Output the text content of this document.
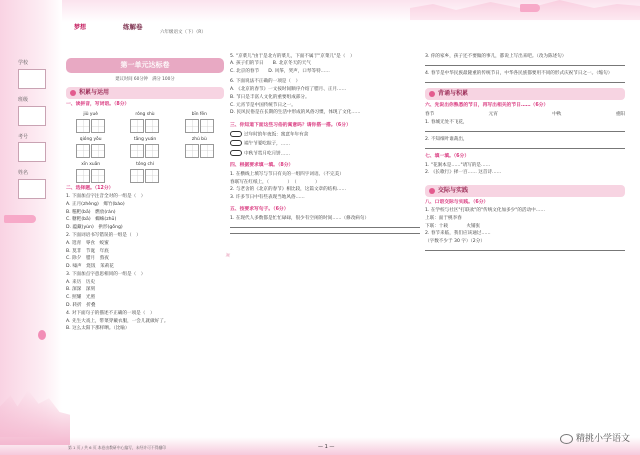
梦想	练解卷
六年级语文（下）（R）
学校
班级
考号
姓名
第一单元达标卷
建议时间 60分钟　满分 100分
积累与运用
一、读拼音，写词语。（8分）
jiǔ yuè	róng shù	bīn fēn
qióng yǒu	tāng yuán	zhú bù
xīn xuān	tóng chí
二、选择题。（12分）
1. 下面加点字注音全对的一组是（　）
A. 正月(zhèng)　爆竹(bào)
B. 糍粑(bā)　燃放(rán)
C. 糖粑(bā)　蜘蛛(zhū)
D. 蕴藏(yùn)　拱形(gǒng)
2. 下面词语书写错误的一组是（　）
A. 逛青　零食　蛟蜜
B. 莫非　节诞　年底
C. 除夕　腊月　熬夜
D. 嗓声　烧饭　茉莉花
3. 下面加点字意思相同的一组是（　）
A. 来历　历史
B. 深深　深刻
C. 照耀　光照
D. 转折　折叠
4. 对下面句子的描述不正确的一项是（　）
A. 先生大戏上，带菜穿戴衣服，一会儿就做好了。
B. 这么太阳下那样晒。（比喻）
5. "京菜儿"由于是北方的菜儿，下面不属于"京菜儿"是（　）
A. 孩子们的节日　　B. 北京冬天的天气
C. 北京的春节　　D. 风筝，哭声，口琴等特……
6. 下面说法不正确的一项是（　）
A. 《北京的春节》一文按时间顺序介绍了腊月、正月……
B. 节日是丰富人文化的重要组成部分。
C. 元宵节是中国传统节日之一。
D. 民风民俗是在长期的生活中形成的风俗习惯，体现了文化……
三、你知道下面这些习俗的寓意吗？请你搭一搭。（6分）
过年时的年夜饭：寓意年年有余
端午节要吃粽子，……
中秋节赏月吃月饼……
四、根据要求填一填。（8分）
1. 在横线上填写与节日有关的一组四字词语。（不完美）
春联写在红纸上，（　　　　）　（　　　　）
2. 与老舍的《北京的春节》相比较，这篇文章的结构……
3. 许多节日中有些表现当地风俗……
五、按要求写句子。（6分）
1. 在现代人多数都是忙忙碌碌，很少有空闲的时间……（修改病句）
✦
3. 你的家乡，孩子还不要做的事儿，都说上写出来吧。（改为陈述句）
4. 春节是中华民族最隆重的传统节日，中华各民族都要用不同的形式庆祝节日之一。（缩句）
背诵与积累
六、先说出你熟悉的节日，再写出相关的节日……（6分）
春节	元宵	中秋	重阳
1. 春城无处不飞花，
2. 不知细叶谁裁出，
七、填一填。（6分）
1. "花涧本是……"请写的是……
2. 《长歌行》择一百…… 这首诗……
交际与实践
八、口语交际与实践。（6分）
1. 在学校与社区"打联欢"的"传统文化加多少"的活动中……
上联：面于桃李春
下联：十载　　　　火铺张
2. 春节来临，我们应该通过……
（字数不少于 30 字）（2分）
第 1 页 / 共 6 页 本卷由教研中心编写，未经许可不得翻印	— 1 —
精挑小学语文
